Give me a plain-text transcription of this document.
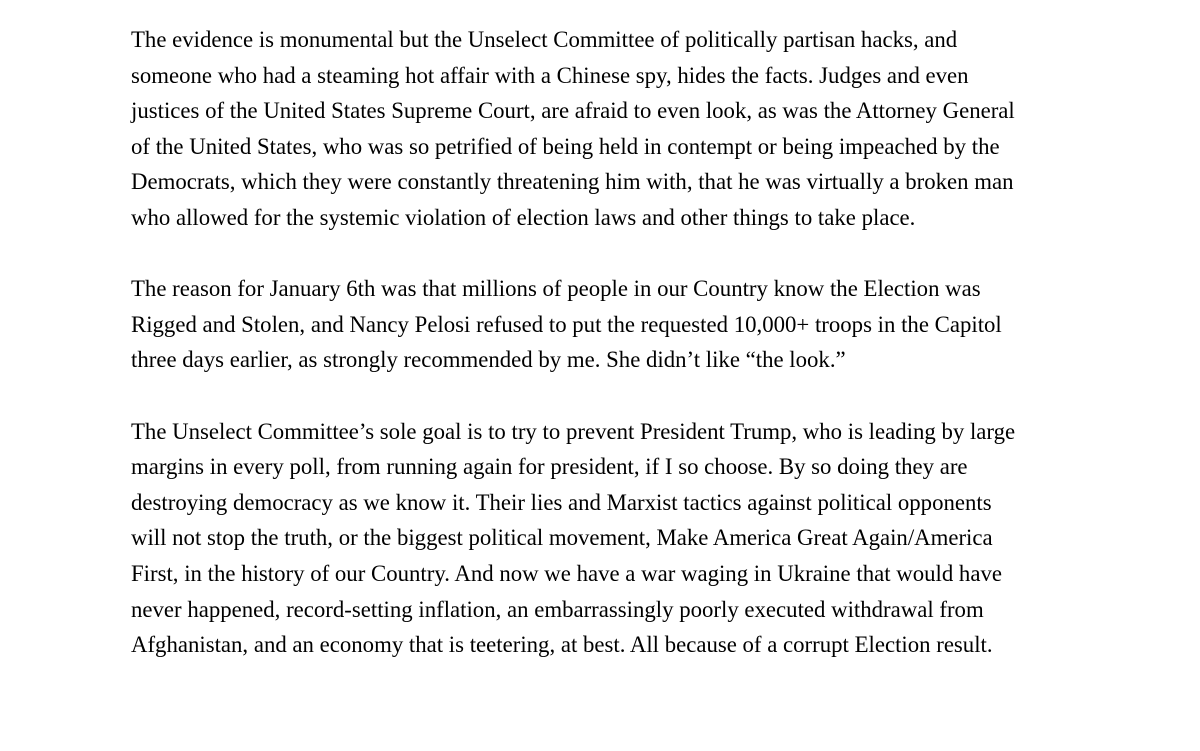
The evidence is monumental but the Unselect Committee of politically partisan hacks, and
someone who had a steaming hot affair with a Chinese spy, hides the facts. Judges and even
justices of the United States Supreme Court, are afraid to even look, as was the Attorney General
of the United States, who was so petrified of being held in contempt or being impeached by the
Democrats, which they were constantly threatening him with, that he was virtually a broken man
who allowed for the systemic violation of election laws and other things to take place.

The reason for January 6th was that millions of people in our Country know the Election was
Rigged and Stolen, and Nancy Pelosi refused to put the requested 10,000+ troops in the Capitol
three days earlier, as strongly recommended by me. She didn’t like “the look.”

The Unselect Committee’s sole goal is to try to prevent President Trump, who is leading by large
margins in every poll, from running again for president, if I so choose. By so doing they are
destroying democracy as we know it. Their lies and Marxist tactics against political opponents
will not stop the truth, or the biggest political movement, Make America Great Again/America
First, in the history of our Country. And now we have a war waging in Ukraine that would have
never happened, record-setting inflation, an embarrassingly poorly executed withdrawal from
Afghanistan, and an economy that is teetering, at best. All because of a corrupt Election result.
